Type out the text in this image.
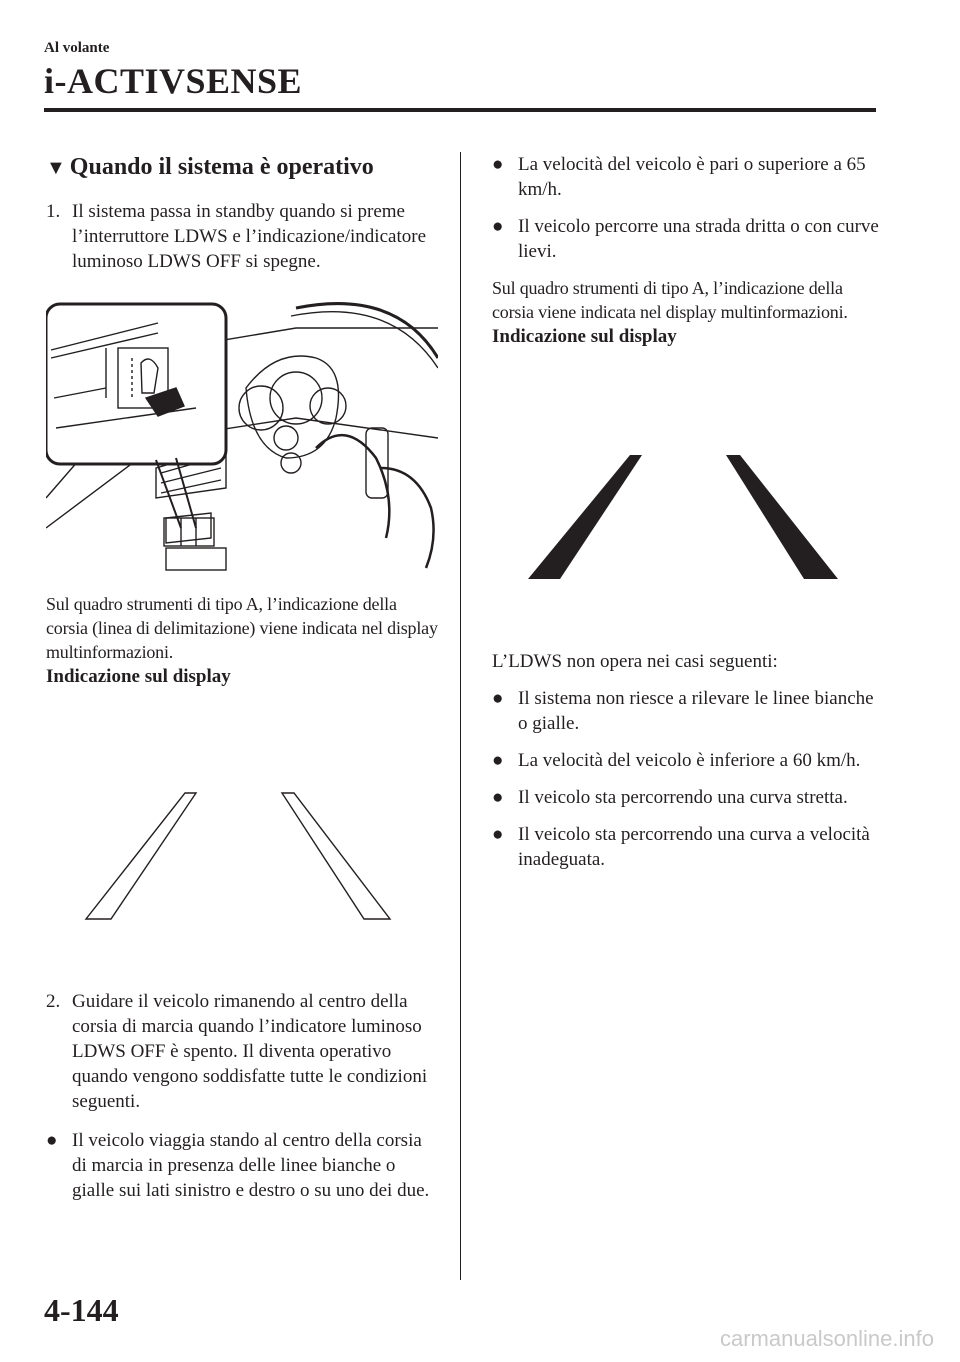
Al volante
i-ACTIVSENSE
▼ Quando il sistema è operativo
1. Il sistema passa in standby quando si preme l’interruttore LDWS e l’indicazione/indicatore luminoso LDWS OFF si spegne.

Sul quadro strumenti di tipo A, l’indicazione della corsia (linea di delimitazione) viene indicata nel display multinformazioni.

Indicazione sul display

2. Guidare il veicolo rimanendo al centro della corsia di marcia quando l’indicatore luminoso LDWS OFF è spento. Il diventa operativo quando vengono soddisfatte tutte le condizioni seguenti.
● Il veicolo viaggia stando al centro della corsia di marcia in presenza delle linee bianche o gialle sui lati sinistro e destro o su uno dei due.
● La velocità del veicolo è pari o superiore a 65 km/h.
● Il veicolo percorre una strada dritta o con curve lievi.

Sul quadro strumenti di tipo A, l’indicazione della corsia viene indicata nel display multinformazioni.

Indicazione sul display

L’LDWS non opera nei casi seguenti:

● Il sistema non riesce a rilevare le linee bianche o gialle.
● La velocità del veicolo è inferiore a 60 km/h.
● Il veicolo sta percorrendo una curva stretta.
● Il veicolo sta percorrendo una curva a velocità inadeguata.
4-144
carmanualsonline.info
